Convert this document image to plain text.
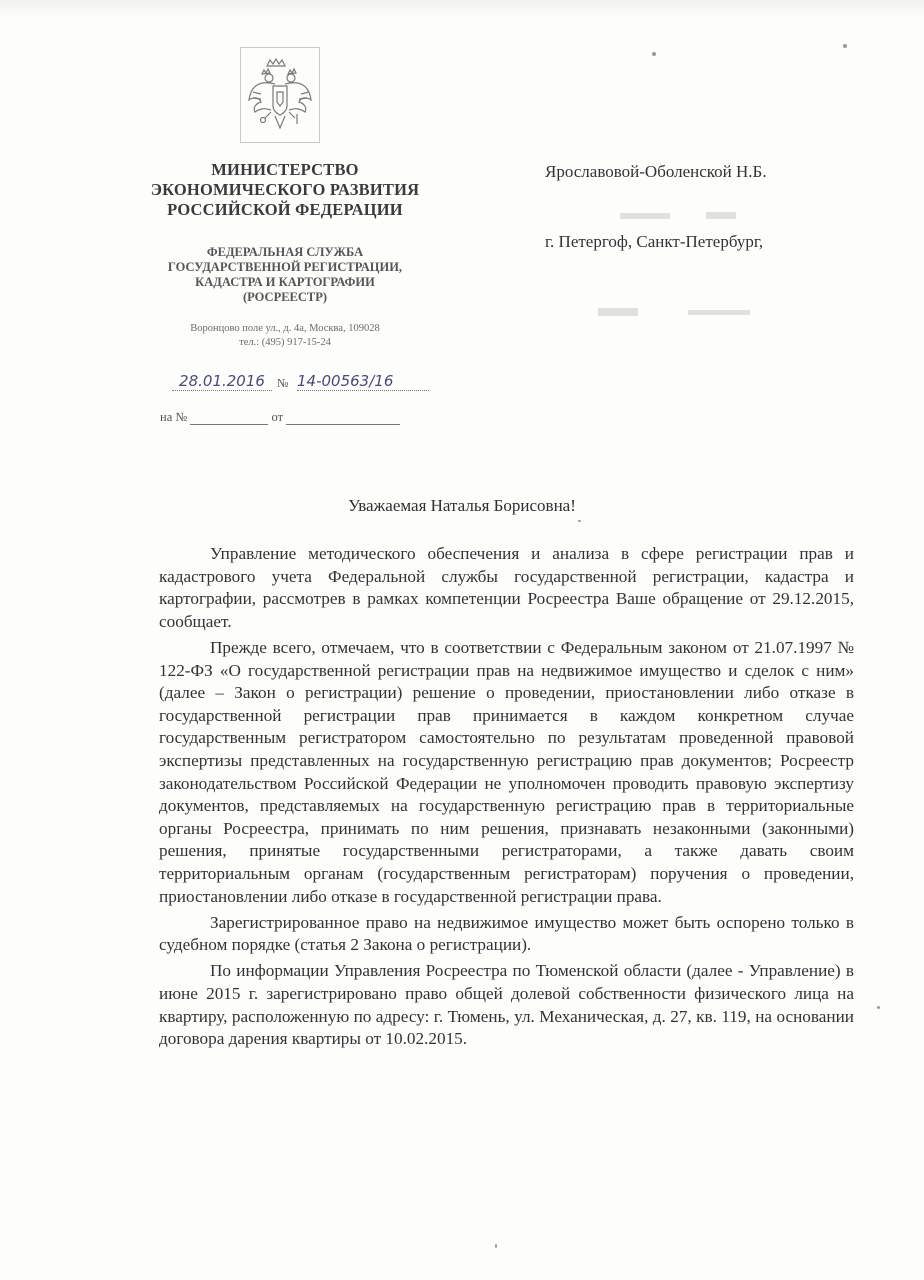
МИНИСТЕРСТВО
ЭКОНОМИЧЕСКОГО РАЗВИТИЯ
РОССИЙСКОЙ ФЕДЕРАЦИИ
ФЕДЕРАЛЬНАЯ СЛУЖБА
ГОСУДАРСТВЕННОЙ РЕГИСТРАЦИИ,
КАДАСТРА И КАРТОГРАФИИ
(РОСРЕЕСТР)
Воронцово поле ул., д. 4а, Москва, 109028
тел.: (495) 917-15-24
28.01.2016	№ 14-00563/16
на №	от
Ярославовой-Оболенской Н.Б.
г. Петергоф, Санкт-Петербург,
Уважаемая Наталья Борисовна!

Управление методического обеспечения и анализа в сфере регистрации прав и кадастрового учета Федеральной службы государственной регистрации, кадастра и картографии, рассмотрев в рамках компетенции Росреестра Ваше обращение от 29.12.2015, сообщает.

Прежде всего, отмечаем, что в соответствии с Федеральным законом от 21.07.1997 № 122-ФЗ «О государственной регистрации прав на недвижимое имущество и сделок с ним» (далее – Закон о регистрации) решение о проведении, приостановлении либо отказе в государственной регистрации прав принимается в каждом конкретном случае государственным регистратором самостоятельно по результатам проведенной правовой экспертизы представленных на государственную регистрацию прав документов; Росреестр законодательством Российской Федерации не уполномочен проводить правовую экспертизу документов, представляемых на государственную регистрацию прав в территориальные органы Росреестра, принимать по ним решения, признавать незаконными (законными) решения, принятые государственными регистраторами, а также давать своим территориальным органам (государственным регистраторам) поручения о проведении, приостановлении либо отказе в государственной регистрации права.

Зарегистрированное право на недвижимое имущество может быть оспорено только в судебном порядке (статья 2 Закона о регистрации).

По информации Управления Росреестра по Тюменской области (далее - Управление) в июне 2015 г. зарегистрировано право общей долевой собственности физического лица на квартиру, расположенную по адресу: г. Тюмень, ул. Механическая, д. 27, кв. 119, на основании договора дарения квартиры от 10.02.2015.
